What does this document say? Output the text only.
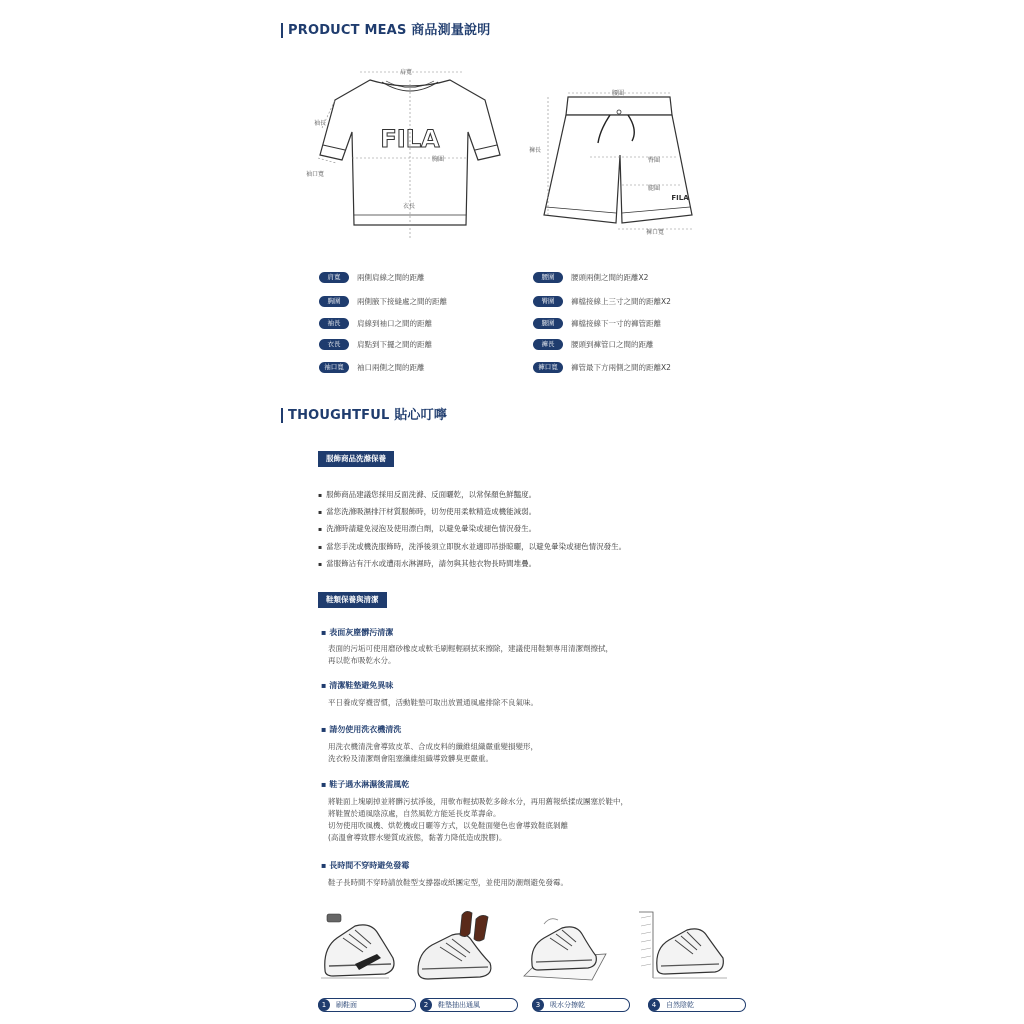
PRODUCT MEAS 商品測量說明
FILA
肩寬
袖長
胸圍
袖口寬
衣長
FILA
腰圍
褲長
臀圍
腿圍
褲口寬
肩寬	兩側肩線之間的距離
胸圍	兩側腋下接縫處之間的距離
袖長	肩線到袖口之間的距離
衣長	肩點到下擺之間的距離
袖口寬	袖口兩側之間的距離
腰圍	腰頭兩側之間的距離X2
臀圍	褲檔接線上三寸之間的距離X2
腿圍	褲檔接線下一寸的褲管距離
褲長	腰頭到褲管口之間的距離
褲口寬	褲管最下方兩側之間的距離X2
THOUGHTFUL 貼心叮嚀
服飾商品洗滌保養
▪ 服飾商品建議您採用反面洗滌、反面曬乾，以常保顏色鮮豔度。
▪ 當您洗滌吸濕排汗材質服飾時，切勿使用柔軟精造成機能減弱。
▪ 洗滌時請避免浸泡及使用漂白劑，以避免暈染或褪色情況發生。
▪ 當您手洗或機洗服飾時，洗淨後須立即脫水並適即吊掛晾曬，以避免暈染或褪色情況發生。
▪ 當服飾沾有汗水或遭雨水淋濕時，請勿與其他衣物長時間堆疊。
鞋類保養與清潔
▪ 表面灰塵髒污清潔
表面的污垢可使用磨砂橡皮或軟毛刷輕輕刷拭來擦除，建議使用鞋類專用清潔劑擦拭，
再以乾布吸乾水分。
▪ 清潔鞋墊避免異味
平日養成穿襪習慣，活動鞋墊可取出放置通風處排除不良氣味。
▪ 請勿使用洗衣機清洗
用洗衣機清洗會導致皮革、合成皮料的纖維組織嚴重變損變形，
洗衣粉及清潔劑會阻塞纖維組織導致髒臭更嚴重。
▪ 鞋子遇水淋濕後需風乾
將鞋面上塊刷掉並將髒污拭淨後，用軟布輕拭吸乾多餘水分，再用舊報紙揉成團塞於鞋中，
將鞋置於通風陰涼處，自然風乾方能延長皮革壽命。
切勿使用吹風機、烘乾機或日曬等方式，以免鞋面變色也會導致鞋底剝離
(高溫會導致膠水變質成液態，黏著力降低造成脫膠)。
▪ 長時間不穿時避免發霉
鞋子長時間不穿時請放鞋型支撐器或紙團定型，並使用防潮劑避免發霉。
1 刷鞋面	2 鞋墊抽出通風	3 吸水分擦乾	4 自然陰乾
